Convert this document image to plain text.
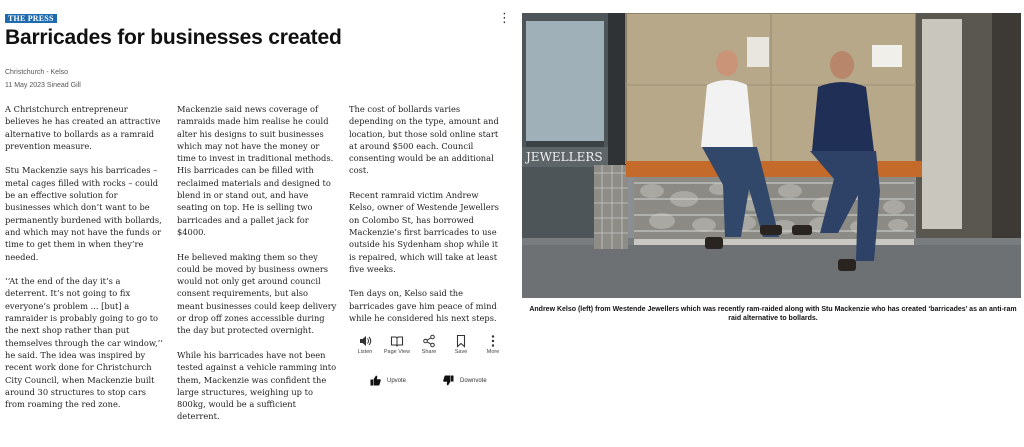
THE PRESS	⋮
Barricades for businesses created
Christchurch - Kelso
11 May 2023 Sinead Gill

A Christchurch entrepreneur believes he has created an attractive alternative to bollards as a ramraid prevention measure.

Stu Mackenzie says his barricades – metal cages filled with rocks – could be an effective solution for businesses which don’t want to be permanently burdened with bollards, and which may not have the funds or time to get them in when they’re needed.

‘‘At the end of the day it’s a deterrent. It’s not going to fix everyone’s problem ... [but] a ramraider is probably going to go to the next shop rather than put themselves through the car window,’’ he said. The idea was inspired by recent work done for Christchurch City Council, when Mackenzie built around 30 structures to stop cars from roaming the red zone.

Mackenzie said news coverage of ramraids made him realise he could alter his designs to suit businesses which may not have the money or time to invest in traditional methods. His barricades can be filled with reclaimed materials and designed to blend in or stand out, and have seating on top. He is selling two barricades and a pallet jack for $4000.

He believed making them so they could be moved by business owners would not only get around council consent requirements, but also meant businesses could keep delivery or drop off zones accessible during the day but protected overnight.

While his barricades have not been tested against a vehicle ramming into them, Mackenzie was confident the large structures, weighing up to 800kg, would be a sufficient deterrent.

The cost of bollards varies depending on the type, amount and location, but those sold online start at around $500 each. Council consenting would be an additional cost.

Recent ramraid victim Andrew Kelso, owner of Westende Jewellers on Colombo St, has borrowed Mackenzie’s first barricades to use outside his Sydenham shop while it is repaired, which will take at least five weeks.

Ten days on, Kelso said the barricades gave him peace of mind while he considered his next steps.

Listen	Page View	Share	Save	More
Upvote	Downvote
JEWELLERS
Andrew Kelso (left) from Westende Jewellers which was recently ram-raided along with Stu Mackenzie who has created ‘barricades’ as an anti-ram raid alternative to bollards.
